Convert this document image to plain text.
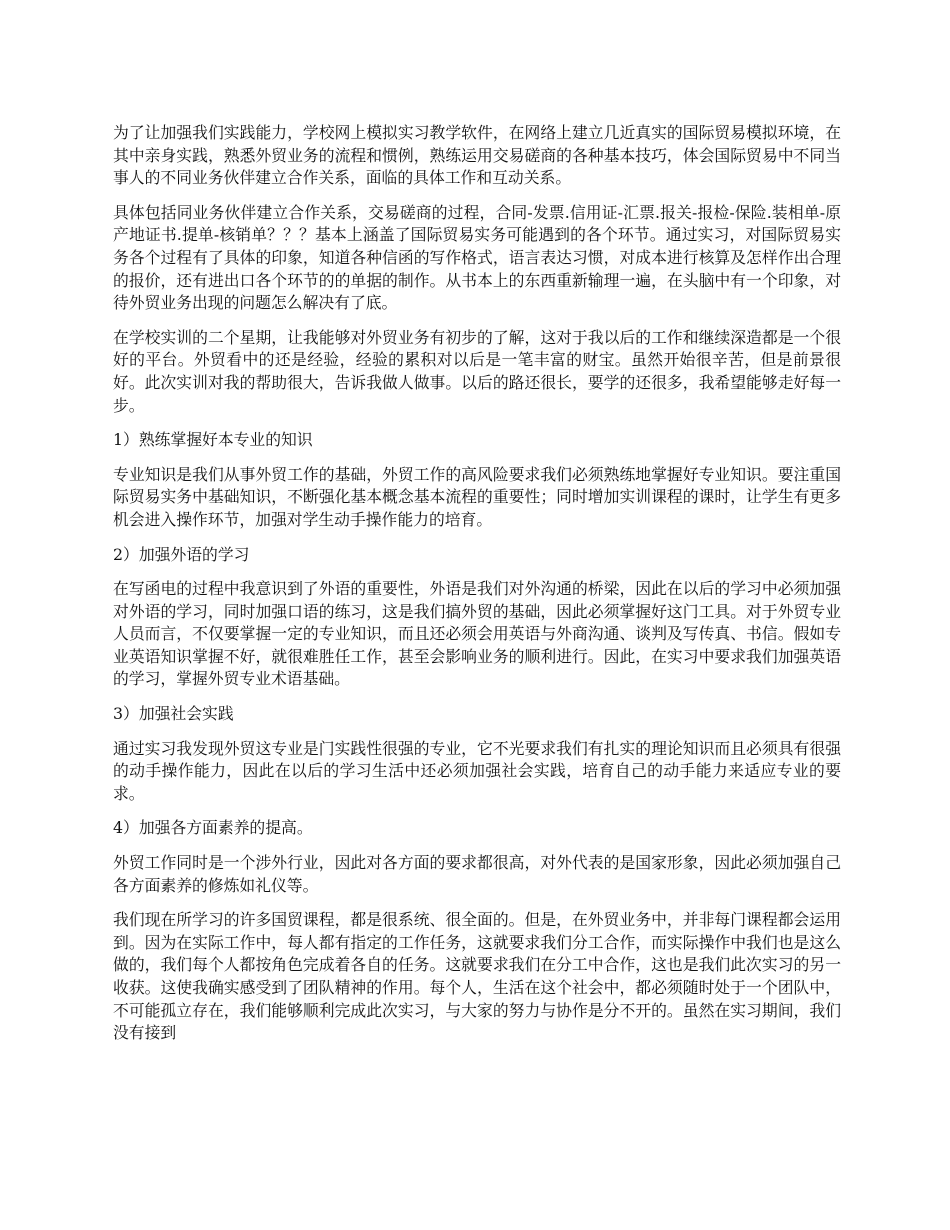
为了让加强我们实践能力，学校网上模拟实习教学软件，在网络上建立几近真实的国际贸易模拟环境，在其中亲身实践，熟悉外贸业务的流程和惯例，熟练运用交易磋商的各种基本技巧，体会国际贸易中不同当事人的不同业务伙伴建立合作关系，面临的具体工作和互动关系。

具体包括同业务伙伴建立合作关系，交易磋商的过程，合同-发票.信用证-汇票.报关-报检-保险.装相单-原产地证书.提单-核销单？？？基本上涵盖了国际贸易实务可能遇到的各个环节。通过实习，对国际贸易实务各个过程有了具体的印象，知道各种信函的写作格式，语言表达习惯，对成本进行核算及怎样作出合理的报价，还有进出口各个环节的的单据的制作。从书本上的东西重新输理一遍，在头脑中有一个印象，对待外贸业务出现的问题怎么解决有了底。

在学校实训的二个星期，让我能够对外贸业务有初步的了解，这对于我以后的工作和继续深造都是一个很好的平台。外贸看中的还是经验，经验的累积对以后是一笔丰富的财宝。虽然开始很辛苦，但是前景很好。此次实训对我的帮助很大，告诉我做人做事。以后的路还很长，要学的还很多，我希望能够走好每一步。

1）熟练掌握好本专业的知识

专业知识是我们从事外贸工作的基础，外贸工作的高风险要求我们必须熟练地掌握好专业知识。要注重国际贸易实务中基础知识，不断强化基本概念基本流程的重要性；同时增加实训课程的课时，让学生有更多机会进入操作环节，加强对学生动手操作能力的培育。

2）加强外语的学习

在写函电的过程中我意识到了外语的重要性，外语是我们对外沟通的桥梁，因此在以后的学习中必须加强对外语的学习，同时加强口语的练习，这是我们搞外贸的基础，因此必须掌握好这门工具。对于外贸专业人员而言，不仅要掌握一定的专业知识，而且还必须会用英语与外商沟通、谈判及写传真、书信。假如专业英语知识掌握不好，就很难胜任工作，甚至会影响业务的顺利进行。因此，在实习中要求我们加强英语的学习，掌握外贸专业术语基础。

3）加强社会实践

通过实习我发现外贸这专业是门实践性很强的专业，它不光要求我们有扎实的理论知识而且必须具有很强的动手操作能力，因此在以后的学习生活中还必须加强社会实践，培育自己的动手能力来适应专业的要求。

4）加强各方面素养的提高。

外贸工作同时是一个涉外行业，因此对各方面的要求都很高，对外代表的是国家形象，因此必须加强自己各方面素养的修炼如礼仪等。

我们现在所学习的许多国贸课程，都是很系统、很全面的。但是，在外贸业务中，并非每门课程都会运用到。因为在实际工作中，每人都有指定的工作任务，这就要求我们分工合作，而实际操作中我们也是这么做的，我们每个人都按角色完成着各自的任务。这就要求我们在分工中合作，这也是我们此次实习的另一收获。这使我确实感受到了团队精神的作用。每个人，生活在这个社会中，都必须随时处于一个团队中，不可能孤立存在，我们能够顺利完成此次实习，与大家的努力与协作是分不开的。虽然在实习期间，我们没有接到
